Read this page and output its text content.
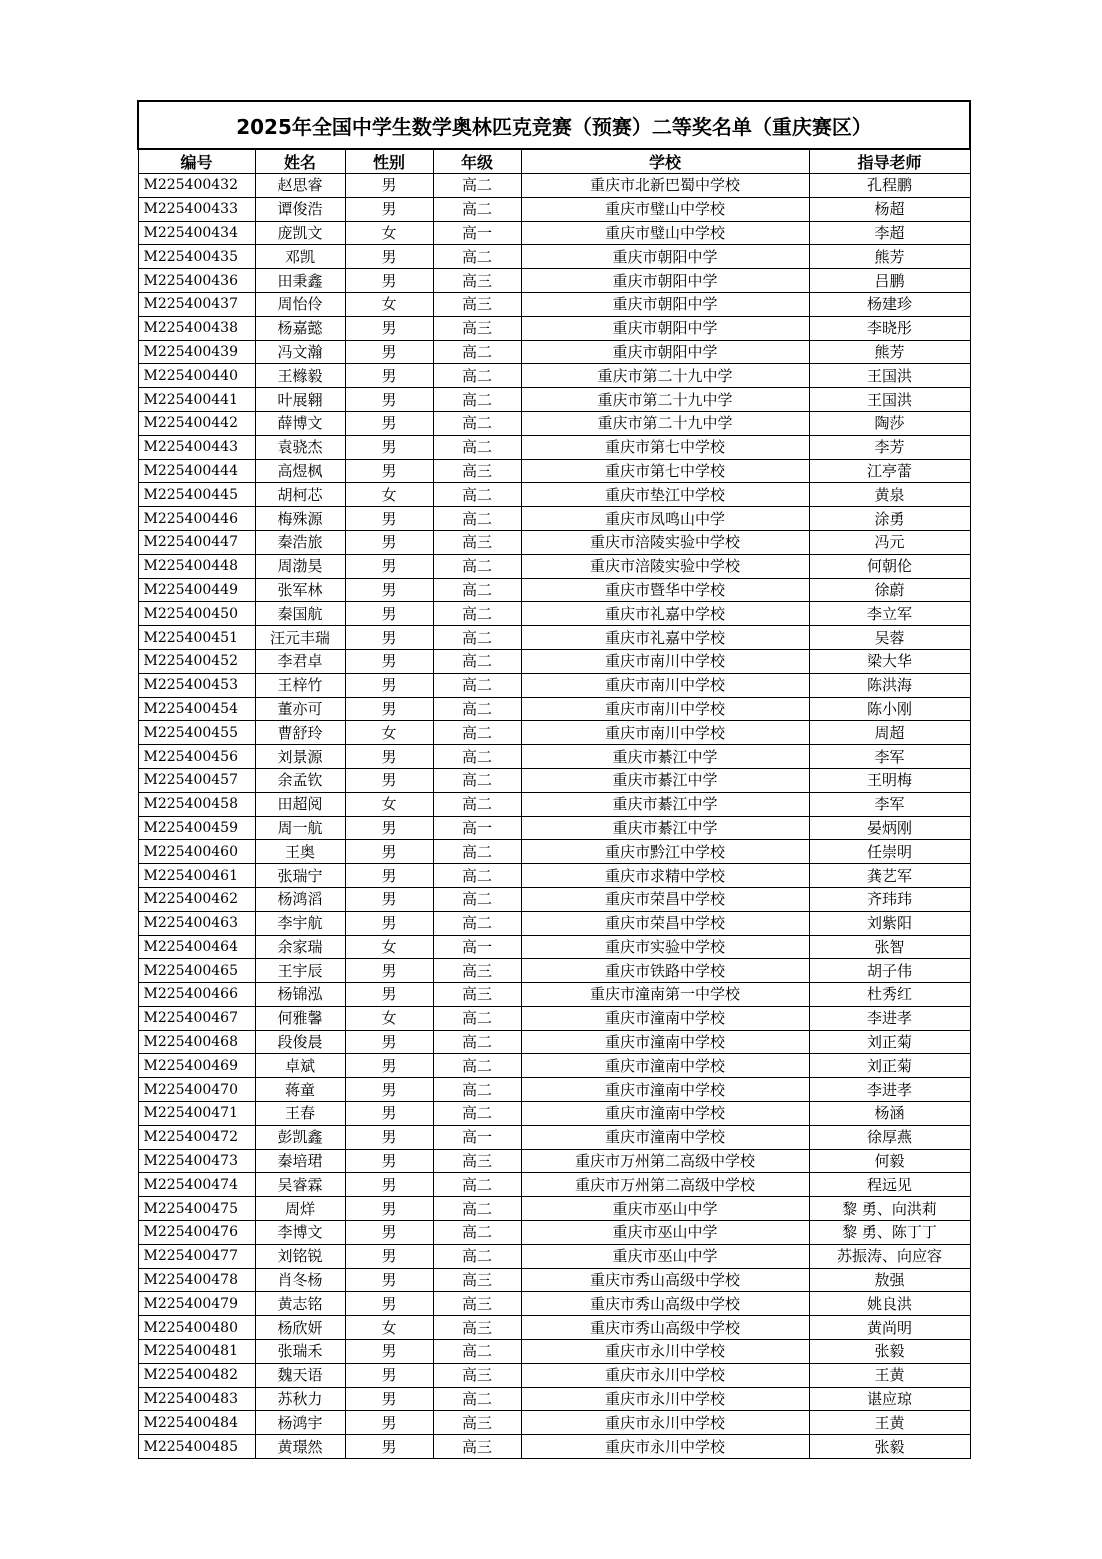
2025年全国中学生数学奥林匹克竞赛（预赛）二等奖名单（重庆赛区）					
编号	姓名	性别	年级	学校	指导老师
M225400432	赵思睿	男	高二	重庆市北新巴蜀中学校	孔程鹏
M225400433	谭俊浩	男	高二	重庆市璧山中学校	杨超
M225400434	庞凯文	女	高一	重庆市璧山中学校	李超
M225400435	邓凯	男	高二	重庆市朝阳中学	熊芳
M225400436	田秉鑫	男	高三	重庆市朝阳中学	吕鹏
M225400437	周怡伶	女	高三	重庆市朝阳中学	杨建珍
M225400438	杨嘉懿	男	高三	重庆市朝阳中学	李晓彤
M225400439	冯文瀚	男	高二	重庆市朝阳中学	熊芳
M225400440	王橼毅	男	高二	重庆市第二十九中学	王国洪
M225400441	叶展翱	男	高二	重庆市第二十九中学	王国洪
M225400442	薛博文	男	高二	重庆市第二十九中学	陶莎
M225400443	袁骁杰	男	高二	重庆市第七中学校	李芳
M225400444	高煜枫	男	高三	重庆市第七中学校	江亭蕾
M225400445	胡柯芯	女	高二	重庆市垫江中学校	黄泉
M225400446	梅殊源	男	高二	重庆市凤鸣山中学	涂勇
M225400447	秦浩旅	男	高三	重庆市涪陵实验中学校	冯元
M225400448	周渤昊	男	高二	重庆市涪陵实验中学校	何朝伦
M225400449	张军林	男	高二	重庆市暨华中学校	徐蔚
M225400450	秦国航	男	高二	重庆市礼嘉中学校	李立军
M225400451	汪元丰瑞	男	高二	重庆市礼嘉中学校	吴蓉
M225400452	李君卓	男	高二	重庆市南川中学校	梁大华
M225400453	王梓竹	男	高二	重庆市南川中学校	陈洪海
M225400454	董亦可	男	高二	重庆市南川中学校	陈小刚
M225400455	曹舒玲	女	高二	重庆市南川中学校	周超
M225400456	刘景源	男	高二	重庆市綦江中学	李军
M225400457	余孟钦	男	高二	重庆市綦江中学	王明梅
M225400458	田超阅	女	高二	重庆市綦江中学	李军
M225400459	周一航	男	高一	重庆市綦江中学	晏炳刚
M225400460	王奥	男	高二	重庆市黔江中学校	任崇明
M225400461	张瑞宁	男	高二	重庆市求精中学校	龚艺军
M225400462	杨鸿滔	男	高二	重庆市荣昌中学校	齐玮玮
M225400463	李宇航	男	高二	重庆市荣昌中学校	刘紫阳
M225400464	余家瑞	女	高一	重庆市实验中学校	张智
M225400465	王宇辰	男	高三	重庆市铁路中学校	胡子伟
M225400466	杨锦泓	男	高三	重庆市潼南第一中学校	杜秀红
M225400467	何雅馨	女	高二	重庆市潼南中学校	李进孝
M225400468	段俊晨	男	高二	重庆市潼南中学校	刘正菊
M225400469	卓斌	男	高二	重庆市潼南中学校	刘正菊
M225400470	蒋童	男	高二	重庆市潼南中学校	李进孝
M225400471	王春	男	高二	重庆市潼南中学校	杨涵
M225400472	彭凯鑫	男	高一	重庆市潼南中学校	徐厚燕
M225400473	秦培珺	男	高三	重庆市万州第二高级中学校	何毅
M225400474	吴睿霖	男	高二	重庆市万州第二高级中学校	程远见
M225400475	周烊	男	高二	重庆市巫山中学	黎 勇、向洪莉
M225400476	李博文	男	高二	重庆市巫山中学	黎 勇、陈丁丁
M225400477	刘铭锐	男	高二	重庆市巫山中学	苏振涛、向应容
M225400478	肖冬杨	男	高三	重庆市秀山高级中学校	敖强
M225400479	黄志铭	男	高三	重庆市秀山高级中学校	姚良洪
M225400480	杨欣妍	女	高三	重庆市秀山高级中学校	黄尚明
M225400481	张瑞禾	男	高二	重庆市永川中学校	张毅
M225400482	魏天语	男	高三	重庆市永川中学校	王黄
M225400483	苏秋力	男	高二	重庆市永川中学校	谌应琼
M225400484	杨鸿宇	男	高三	重庆市永川中学校	王黄
M225400485	黄璟然	男	高三	重庆市永川中学校	张毅
